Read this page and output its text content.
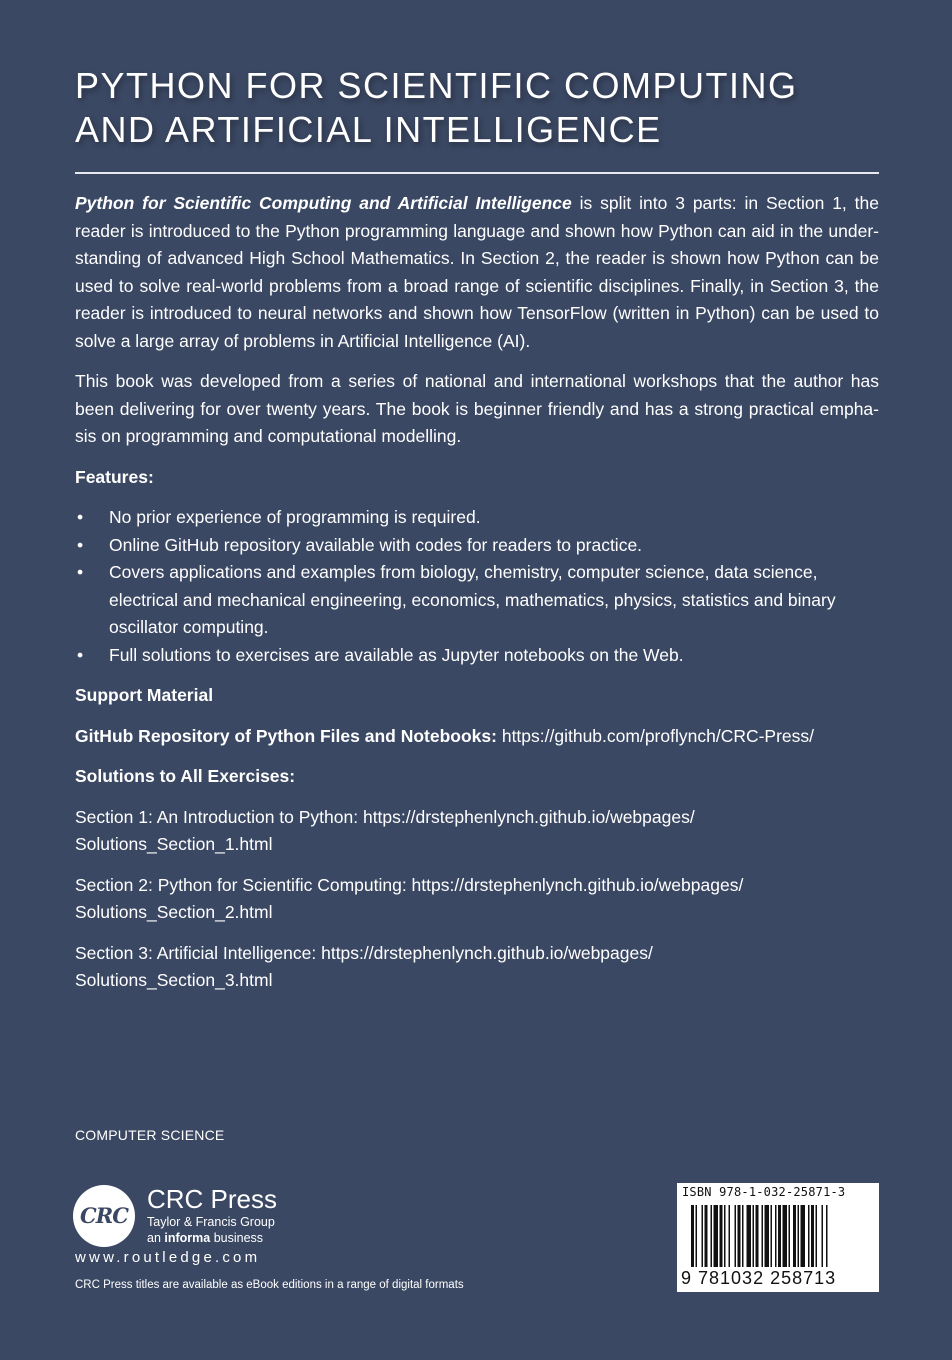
PYTHON FOR SCIENTIFIC COMPUTING
AND ARTIFICIAL INTELLIGENCE

Python for Scientific Computing and Artificial Intelligence is split into 3 parts: in Section 1, the reader is introduced to the Python programming language and shown how Python can aid in the under-standing of advanced High School Mathematics. In Section 2, the reader is shown how Python can be used to solve real-world problems from a broad range of scientific disciplines. Finally, in Section 3, the reader is introduced to neural networks and shown how TensorFlow (written in Python) can be used to solve a large array of problems in Artificial Intelligence (AI).

This book was developed from a series of national and international workshops that the author has been delivering for over twenty years. The book is beginner friendly and has a strong practical empha-sis on programming and computational modelling.

Features:

• No prior experience of programming is required.
• Online GitHub repository available with codes for readers to practice.
• Covers applications and examples from biology, chemistry, computer science, data science, electrical and mechanical engineering, economics, mathematics, physics, statistics and binary oscillator computing.
• Full solutions to exercises are available as Jupyter notebooks on the Web.

Support Material

GitHub Repository of Python Files and Notebooks: https://github.com/proflynch/CRC-Press/

Solutions to All Exercises:

Section 1: An Introduction to Python: https://drstephenlynch.github.io/webpages/
Solutions_Section_1.html

Section 2: Python for Scientific Computing: https://drstephenlynch.github.io/webpages/
Solutions_Section_2.html

Section 3: Artificial Intelligence: https://drstephenlynch.github.io/webpages/
Solutions_Section_3.html

COMPUTER SCIENCE
CRC
CRC Press
Taylor & Francis Group
an informa business
www.routledge.com
CRC Press titles are available as eBook editions in a range of digital formats
ISBN 978-1-032-25871-3
9 781032 258713
